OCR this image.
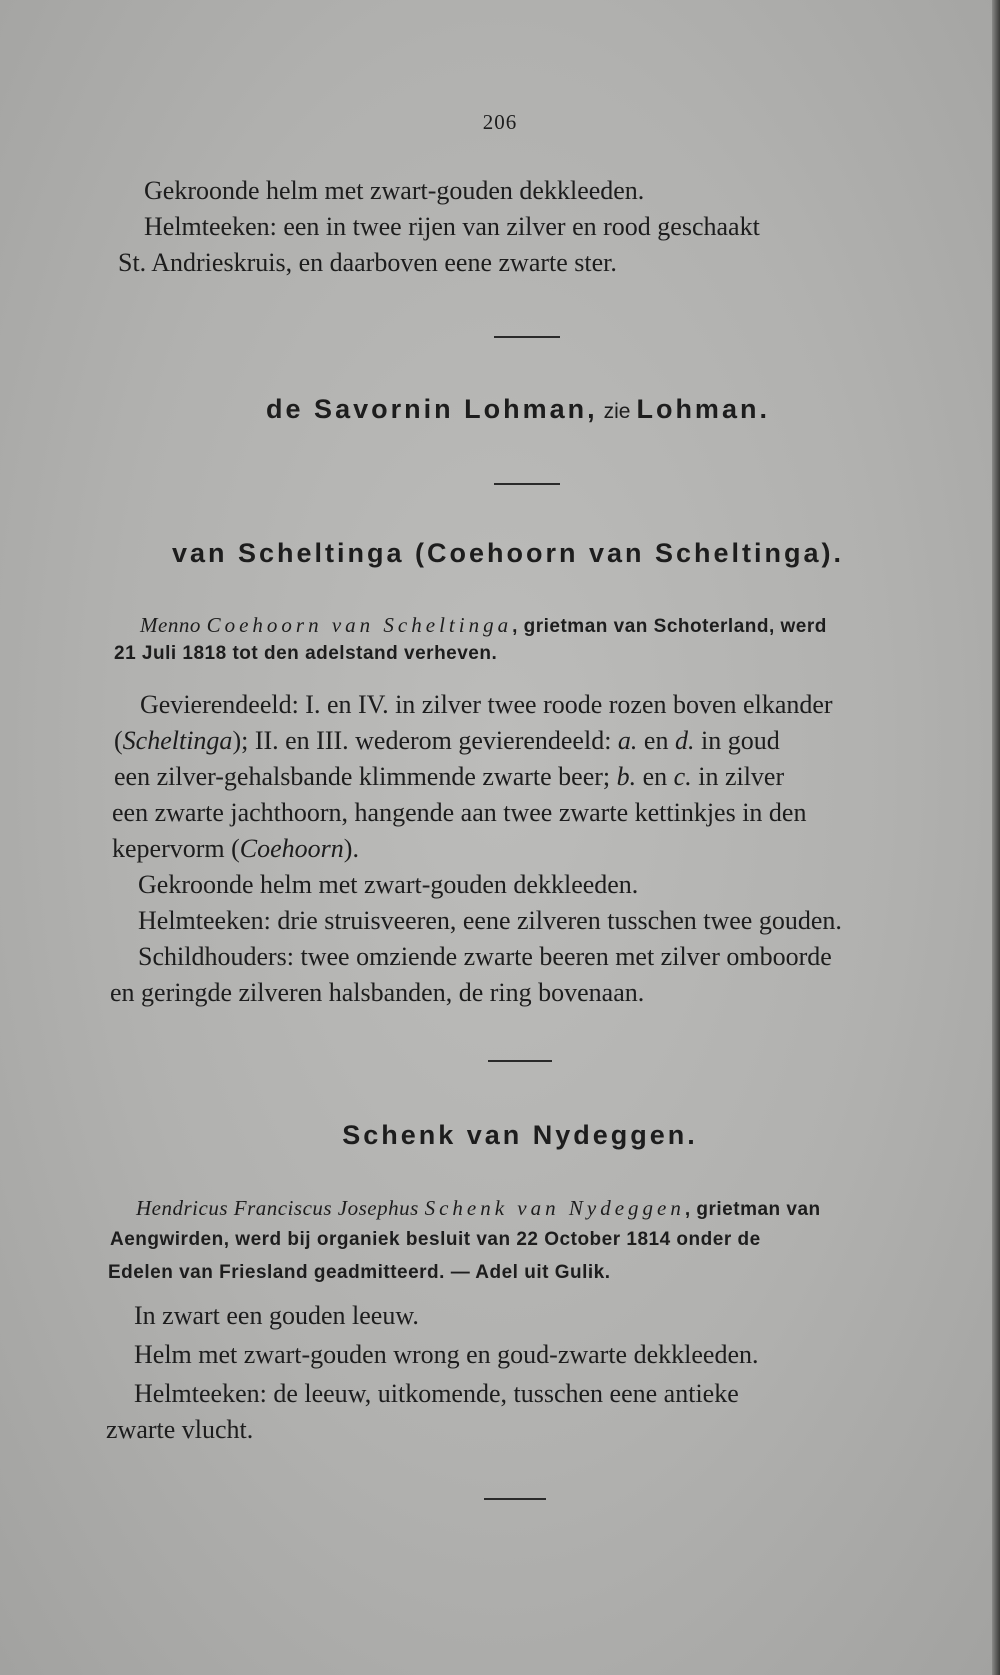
206
Gekroonde helm met zwart-gouden dekkleeden.
Helmteeken: een in twee rijen van zilver en rood geschaakt
St. Andrieskruis, en daarboven eene zwarte ster.
de Savornin Lohman, zie Lohman.
van Scheltinga (Coehoorn van Scheltinga).
Menno Coehoorn van Scheltinga, grietman van Schoterland, werd
21 Juli 1818 tot den adelstand verheven.
Gevierendeeld: I. en IV. in zilver twee roode rozen boven elkander
(Scheltinga); II. en III. wederom gevierendeeld: a. en d. in goud
een zilver-gehalsbande klimmende zwarte beer; b. en c. in zilver
een zwarte jachthoorn, hangende aan twee zwarte kettinkjes in den
kepervorm (Coehoorn).
Gekroonde helm met zwart-gouden dekkleeden.
Helmteeken: drie struisveeren, eene zilveren tusschen twee gouden.
Schildhouders: twee omziende zwarte beeren met zilver omboorde
en geringde zilveren halsbanden, de ring bovenaan.
Schenk van Nydeggen.
Hendricus Franciscus Josephus Schenk van Nydeggen, grietman van
Aengwirden, werd bij organiek besluit van 22 October 1814 onder de
Edelen van Friesland geadmitteerd. — Adel uit Gulik.
In zwart een gouden leeuw.
Helm met zwart-gouden wrong en goud-zwarte dekkleeden.
Helmteeken: de leeuw, uitkomende, tusschen eene antieke
zwarte vlucht.
